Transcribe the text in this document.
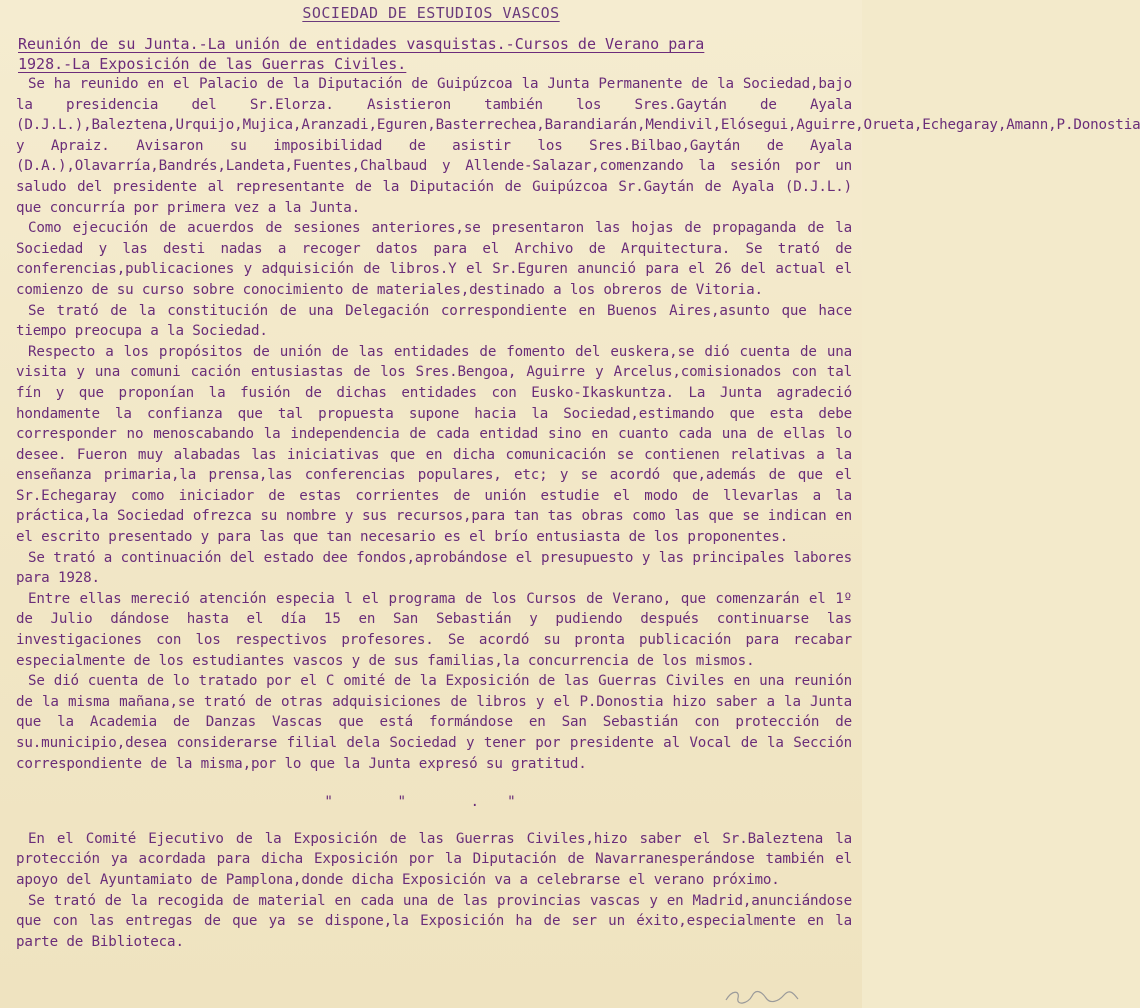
SOCIEDAD DE ESTUDIOS VASCOS
Reunión de su Junta.-La unión de entidades vasquistas.-Cursos de Verano para
1928.-La Exposición de las Guerras Civiles.

Se ha reunido en el Palacio de la Diputación de Guipúzcoa la Junta Permanente de la Sociedad,bajo la presidencia del Sr.Elorza. Asistieron también los Sres.Gaytán de Ayala (D.J.L.),Baleztena,Urquijo,Mujica,Aranzadi,Eguren,Basterrechea,Barandiarán,Mendivil,Elósegui,Aguirre,Orueta,Echegaray,Amann,P.Donostia y Apraiz. Avisaron su imposibilidad de asistir los Sres.Bilbao,Gaytán de Ayala (D.A.),Olavarría,Bandrés,Landeta,Fuentes,Chalbaud y Allende-Salazar,comenzando la sesión por un saludo del presidente al representante de la Diputación de Guipúzcoa Sr.Gaytán de Ayala (D.J.L.) que concurría por primera vez a la Junta.

Como ejecución de acuerdos de sesiones anteriores,se presentaron las hojas de propaganda de la Sociedad y las desti nadas a recoger datos para el Archivo de Arquitectura. Se trató de conferencias,publicaciones y adquisición de libros.Y el Sr.Eguren anunció para el 26 del actual el comienzo de su curso sobre conocimiento de materiales,destinado a los obreros de Vitoria.

Se trató de la constitución de una Delegación correspondiente en Buenos Aires,asunto que hace tiempo preocupa a la Sociedad.

Respecto a los propósitos de unión de las entidades de fomento del euskera,se dió cuenta de una visita y una comuni cación entusiastas de los Sres.Bengoa, Aguirre y Arcelus,comisionados con tal fín y que proponían la fusión de dichas entidades con Eusko-Ikaskuntza. La Junta agradeció hondamente la confianza que tal propuesta supone hacia la Sociedad,estimando que esta debe corresponder no menoscabando la independencia de cada entidad sino en cuanto cada una de ellas lo desee. Fueron muy alabadas las iniciativas que en dicha comunicación se contienen relativas a la enseñanza primaria,la prensa,las conferencias populares, etc; y se acordó que,además de que el Sr.Echegaray como iniciador de estas corrientes de unión estudie el modo de llevarlas a la práctica,la Sociedad ofrezca su nombre y sus recursos,para tan tas obras como las que se indican en el escrito presentado y para las que tan necesario es el brío entusiasta de los proponentes.

Se trató a continuación del estado dee fondos,aprobándose el presupuesto y las principales labores para 1928.

Entre ellas mereció atención especia l el programa de los Cursos de Verano, que comenzarán el 1º de Julio dándose hasta el día 15 en San Sebastián y pudiendo después continuarse las investigaciones con los respectivos profesores. Se acordó su pronta publicación para recabar especialmente de los estudiantes vascos y de sus familias,la concurrencia de los mismos.

Se dió cuenta de lo tratado por el C omité de la Exposición de las Guerras Civiles en una reunión de la misma mañana,se trató de otras adquisiciones de libros y el P.Donostia hizo saber a la Junta que la Academia de Danzas Vascas que está formándose en San Sebastián con protección de su.municipio,desea considerarse filial dela Sociedad y tener por presidente al Vocal de la Sección correspondiente de la misma,por lo que la Junta expresó su gratitud.

" " ."

En el Comité Ejecutivo de la Exposición de las Guerras Civiles,hizo saber el Sr.Baleztena la protección ya acordada para dicha Exposición por la Diputación de Navarranesperándose también el apoyo del Ayuntamiato de Pamplona,donde dicha Exposición va a celebrarse el verano próximo.

Se trató de la recogida de material en cada una de las provincias vascas y en Madrid,anunciándose que con las entregas de que ya se dispone,la Exposición ha de ser un éxito,especialmente en la parte de Biblioteca.
